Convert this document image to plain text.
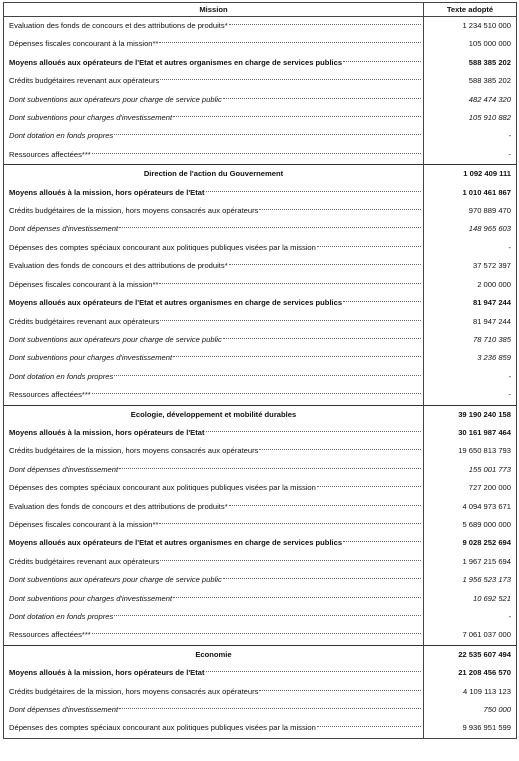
Mission	Texte adopté

Evaluation des fonds de concours et des attributions de produits*	1 234 510 000

Dépenses fiscales concourant à la mission**	105 000 000

Moyens alloués aux opérateurs de l'Etat et autres organismes en charge de services publics	588 385 202

Crédits budgétaires revenant aux opérateurs	588 385 202

Dont subventions aux opérateurs pour charge de service public	482 474 320

Dont subventions pour charges d'investissement	105 910 882

Dont dotation en fonds propres	-

Ressources affectées***	-
Direction de l'action du Gouvernement	1 092 409 111

Moyens alloués à la mission, hors opérateurs de l'Etat	1 010 461 867

Crédits budgétaires de la mission, hors moyens consacrés aux opérateurs	970 889 470

Dont dépenses d'investissement	148 965 603

Dépenses des comptes spéciaux concourant aux politiques publiques visées par la mission	-

Evaluation des fonds de concours et des attributions de produits*	37 572 397

Dépenses fiscales concourant à la mission**	2 000 000

Moyens alloués aux opérateurs de l'Etat et autres organismes en charge de services publics	81 947 244

Crédits budgétaires revenant aux opérateurs	81 947 244

Dont subventions aux opérateurs pour charge de service public	78 710 385

Dont subventions pour charges d'investissement	3 236 859

Dont dotation en fonds propres	-

Ressources affectées***	-
Ecologie, développement et mobilité durables	39 190 240 158

Moyens alloués à la mission, hors opérateurs de l'Etat	30 161 987 464

Crédits budgétaires de la mission, hors moyens consacrés aux opérateurs	19 650 813 793

Dont dépenses d'investissement	155 001 773

Dépenses des comptes spéciaux concourant aux politiques publiques visées par la mission	727 200 000

Evaluation des fonds de concours et des attributions de produits*	4 094 973 671

Dépenses fiscales concourant à la mission**	5 689 000 000

Moyens alloués aux opérateurs de l'Etat et autres organismes en charge de services publics	9 028 252 694

Crédits budgétaires revenant aux opérateurs	1 967 215 694

Dont subventions aux opérateurs pour charge de service public	1 956 523 173

Dont subventions pour charges d'investissement	10 692 521

Dont dotation en fonds propres	-

Ressources affectées***	7 061 037 000
Economie	22 535 607 494

Moyens alloués à la mission, hors opérateurs de l'Etat	21 208 456 570

Crédits budgétaires de la mission, hors moyens consacrés aux opérateurs	4 109 113 123

Dont dépenses d'investissement	750 000

Dépenses des comptes spéciaux concourant aux politiques publiques visées par la mission	9 936 951 599
